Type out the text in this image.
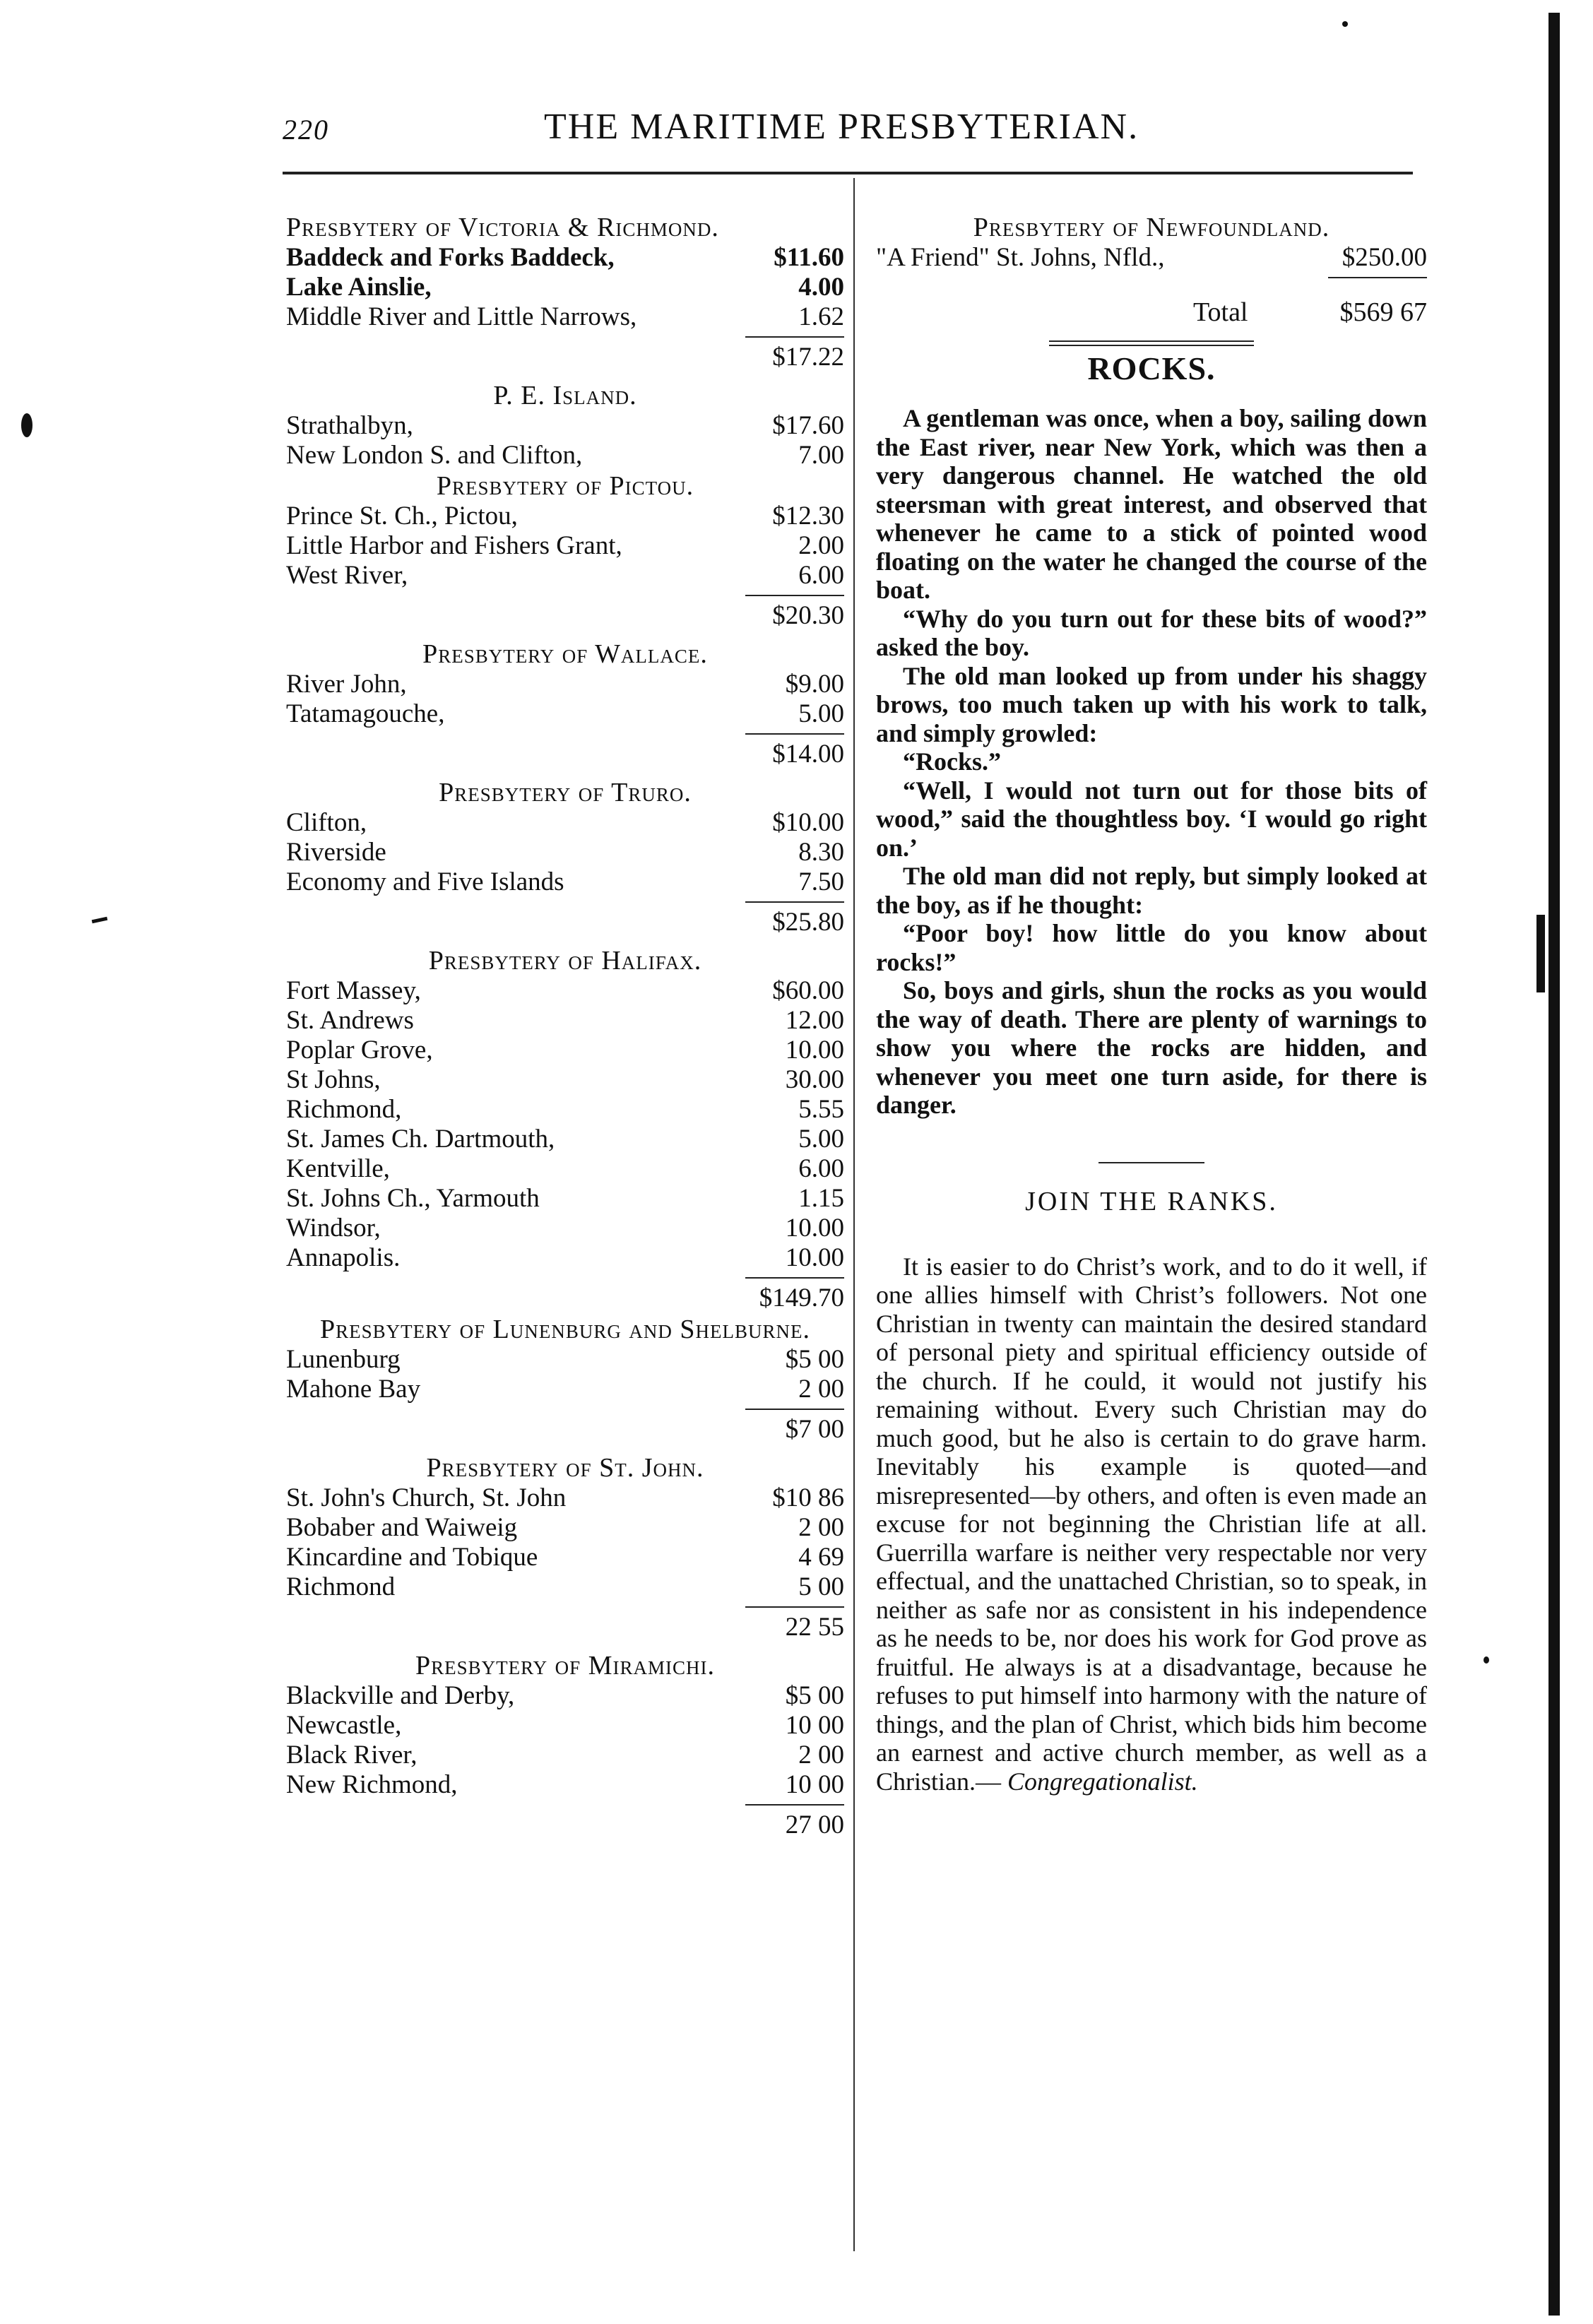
220	THE MARITIME PRESBYTERIAN.
Presbytery of Victoria & Richmond.
Baddeck and Forks Baddeck,	$11.60
Lake Ainslie,	4.00
Middle River and Little Narrows,	1.62
$17.22
P. E. Island.
Strathalbyn,	$17.60
New London S. and Clifton,	7.00
Presbytery of Pictou.
Prince St. Ch., Pictou,	$12.30
Little Harbor and Fishers Grant,	2.00
West River,	6.00
$20.30
Presbytery of Wallace.
River John,	$9.00
Tatamagouche,	5.00
$14.00
Presbytery of Truro.
Clifton,	$10.00
Riverside	8.30
Economy and Five Islands	7.50
$25.80
Presbytery of Halifax.
Fort Massey,	$60.00
St. Andrews	12.00
Poplar Grove,	10.00
St Johns,	30.00
Richmond,	5.55
St. James Ch. Dartmouth,	5.00
Kentville,	6.00
St. Johns Ch., Yarmouth	1.15
Windsor,	10.00
Annapolis.	10.00
$149.70
Presbytery of Lunenburg and Shelburne.
Lunenburg	$5 00
Mahone Bay	2 00
$7 00
Presbytery of St. John.
St. John's Church, St. John	$10 86
Bobaber and Waiweig	2 00
Kincardine and Tobique	4 69
Richmond	5 00
22 55
Presbytery of Miramichi.
Blackville and Derby,	$5 00
Newcastle,	10 00
Black River,	2 00
New Richmond,	10 00
27 00
Presbytery of Newfoundland.
"A Friend" St. Johns, Nfld.,	$250.00
Total	$569 67
ROCKS.

A gentleman was once, when a boy, sailing down the East river, near New York, which was then a very dangerous channel. He watched the old steersman with great interest, and observed that whenever he came to a stick of pointed wood floating on the water he changed the course of the boat.

“Why do you turn out for these bits of wood?” asked the boy.

The old man looked up from under his shaggy brows, too much taken up with his work to talk, and simply growled:

“Rocks.”

“Well, I would not turn out for those bits of wood,” said the thoughtless boy. ‘I would go right on.’

The old man did not reply, but simply looked at the boy, as if he thought:

“Poor boy! how little do you know about rocks!”

So, boys and girls, shun the rocks as you would the way of death. There are plenty of warnings to show you where the rocks are hidden, and whenever you meet one turn aside, for there is danger.

JOIN THE RANKS.

It is easier to do Christ’s work, and to do it well, if one allies himself with Christ’s followers. Not one Christian in twenty can maintain the desired standard of personal piety and spiritual efficiency outside of the church. If he could, it would not justify his remaining without. Every such Christian may do much good, but he also is certain to do grave harm. Inevitably his example is quoted—and misrepresented—by others, and often is even made an excuse for not beginning the Christian life at all. Guerrilla warfare is neither very respectable nor very effectual, and the unattached Christian, so to speak, in neither as safe nor as consistent in his independence as he needs to be, nor does his work for God prove as fruitful. He always is at a disadvantage, because he refuses to put himself into harmony with the nature of things, and the plan of Christ, which bids him become an earnest and active church member, as well as a Christian.— Congregationalist.
